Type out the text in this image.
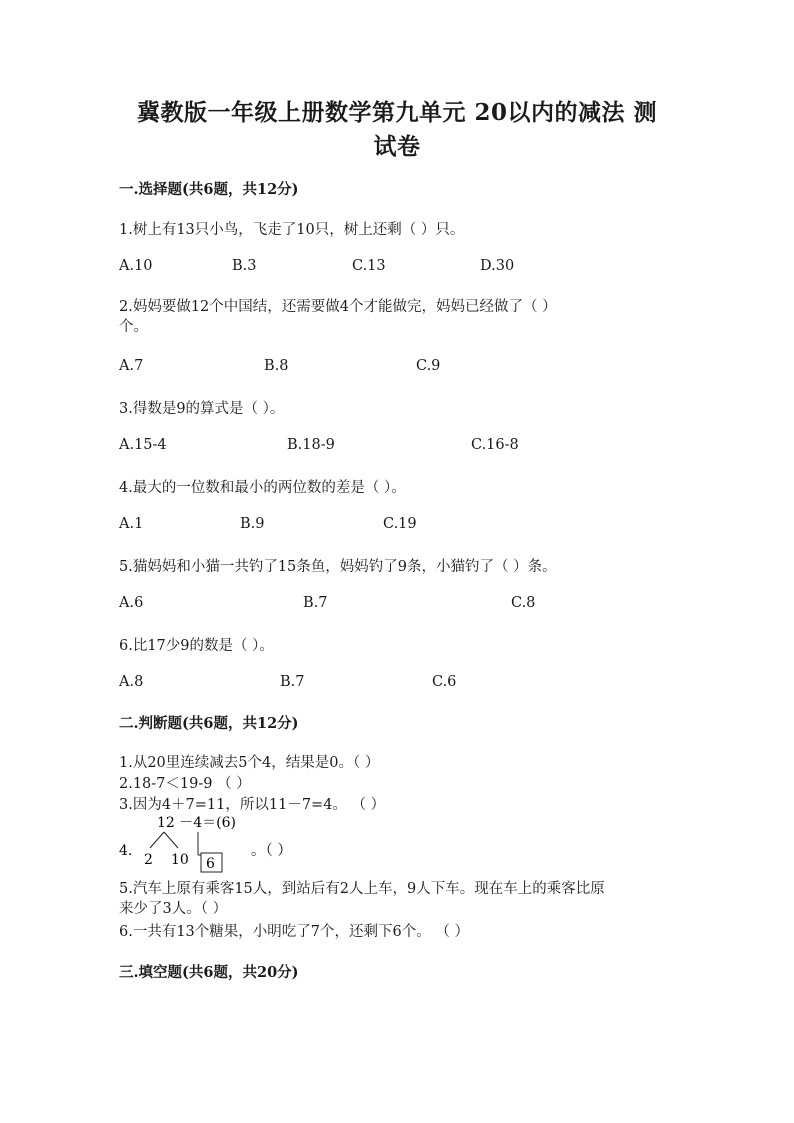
冀教版一年级上册数学第九单元 20以内的减法 测
试卷
一.选择题(共6题，共12分)
1.树上有13只小鸟，飞走了10只，树上还剩（ ）只。
A.10	B.3	C.13	D.30
2.妈妈要做12个中国结，还需要做4个才能做完，妈妈已经做了（ ）
个。
A.7	B.8	C.9
3.得数是9的算式是（ ）。
A.15-4	B.18-9	C.16-8
4.最大的一位数和最小的两位数的差是（ ）。
A.1	B.9	C.19
5.猫妈妈和小猫一共钓了15条鱼，妈妈钓了9条，小猫钓了（ ）条。
A.6	B.7	C.8
6.比17少9的数是（ ）。
A.8	B.7	C.6
二.判断题(共6题，共12分)
1.从20里连续减去5个4，结果是0。（ ）
2.18-7＜19-9 （ ）
3.因为4＋7=11，所以11－7=4。 （ ）
12 －4＝(6)
4.
2 10 6
。（ ）
5.汽车上原有乘客15人，到站后有2人上车，9人下车。现在车上的乘客比原
来少了3人。（ ）
6.一共有13个糖果，小明吃了7个，还剩下6个。 （ ）
三.填空题(共6题，共20分)
